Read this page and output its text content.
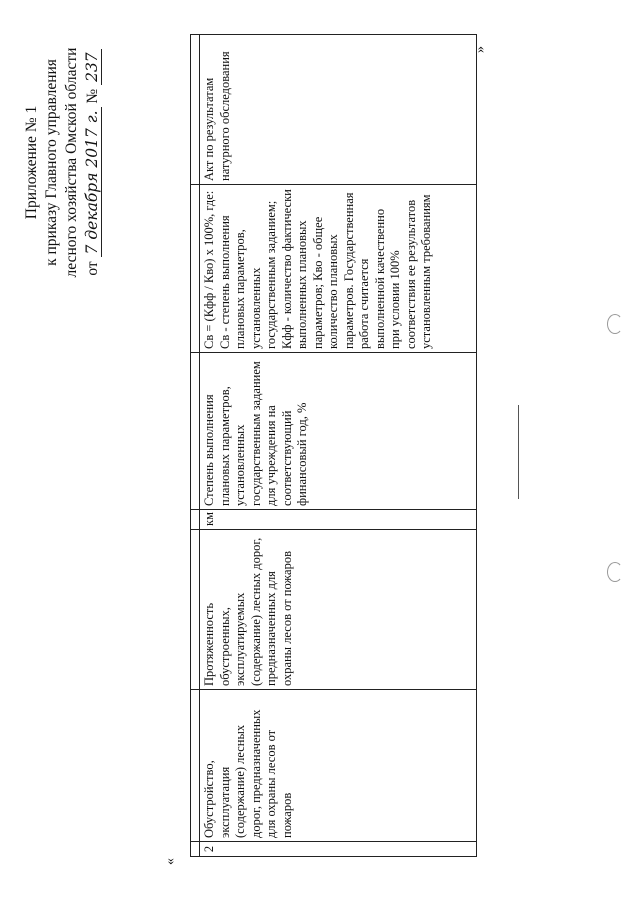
Приложение № 1 к приказу Главного управления лесного хозяйства Омской области от 7 декабря 2017 г. № 237
«
»

2	Обустройство, эксплуатация (содержание) лесных дорог, предназначенных для охраны лесов от пожаров	Протяженность обустроенных, эксплуатируемых (содержание) лесных дорог, предназначенных для охраны лесов от пожаров	км	Степень выполнения плановых параметров, установленных государственным заданием для учреждения на соответствующий финансовый год, %	Св = (Кфф / Кво) х 100%, где: Св - степень выполнения плановых параметров, установленных государственным заданием; Кфф - количество фактически выполненных плановых параметров; Кво - общее количество плановых параметров. Государственная работа считается выполненной качественно при условии 100% соответствия ее результатов установленным требованиям	Акт по результатам натурного обследования
